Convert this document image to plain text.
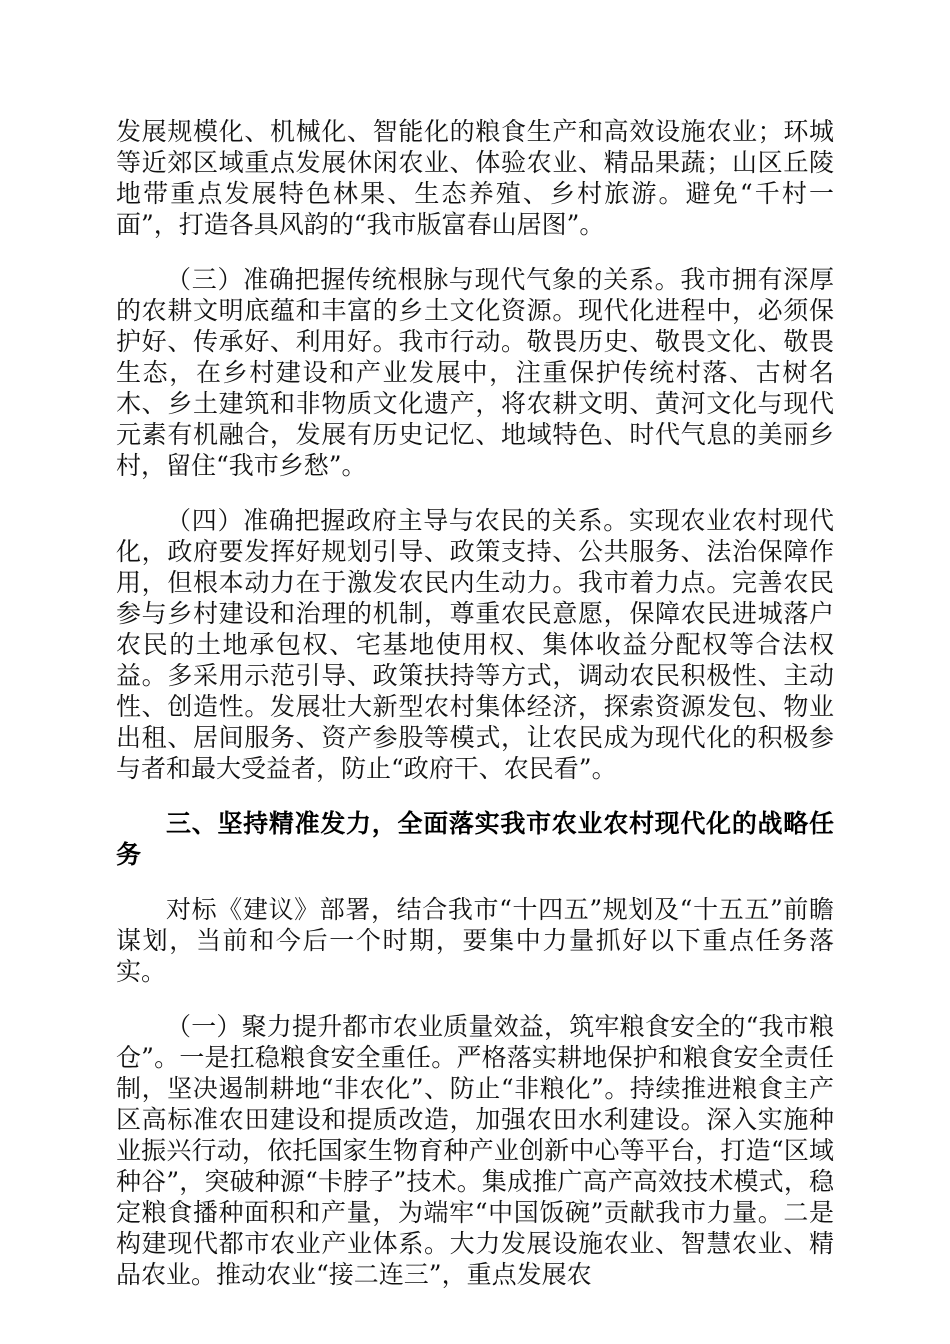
发展规模化、机械化、智能化的粮食生产和高效设施农业；环城等近郊区域重点发展休闲农业、体验农业、精品果蔬；山区丘陵地带重点发展特色林果、生态养殖、乡村旅游。避免“千村一面”，打造各具风韵的“我市版富春山居图”。

（三）准确把握传统根脉与现代气象的关系。我市拥有深厚的农耕文明底蕴和丰富的乡土文化资源。现代化进程中，必须保护好、传承好、利用好。我市行动。敬畏历史、敬畏文化、敬畏生态，在乡村建设和产业发展中，注重保护传统村落、古树名木、乡土建筑和非物质文化遗产，将农耕文明、黄河文化与现代元素有机融合，发展有历史记忆、地域特色、时代气息的美丽乡村，留住“我市乡愁”。

（四）准确把握政府主导与农民的关系。实现农业农村现代化，政府要发挥好规划引导、政策支持、公共服务、法治保障作用，但根本动力在于激发农民内生动力。我市着力点。完善农民参与乡村建设和治理的机制，尊重农民意愿，保障农民进城落户农民的土地承包权、宅基地使用权、集体收益分配权等合法权益。多采用示范引导、政策扶持等方式，调动农民积极性、主动性、创造性。发展壮大新型农村集体经济，探索资源发包、物业出租、居间服务、资产参股等模式，让农民成为现代化的积极参与者和最大受益者，防止“政府干、农民看”。

三、坚持精准发力，全面落实我市农业农村现代化的战略任务

对标《建议》部署，结合我市“十四五”规划及“十五五”前瞻谋划，当前和今后一个时期，要集中力量抓好以下重点任务落实。

（一）聚力提升都市农业质量效益，筑牢粮食安全的“我市粮仓”。一是扛稳粮食安全重任。严格落实耕地保护和粮食安全责任制，坚决遏制耕地“非农化”、防止“非粮化”。持续推进粮食主产区高标准农田建设和提质改造，加强农田水利建设。深入实施种业振兴行动，依托国家生物育种产业创新中心等平台，打造“区域种谷”，突破种源“卡脖子”技术。集成推广高产高效技术模式，稳定粮食播种面积和产量，为端牢“中国饭碗”贡献我市力量。二是构建现代都市农业产业体系。大力发展设施农业、智慧农业、精品农业。推动农业“接二连三”，重点发展农
